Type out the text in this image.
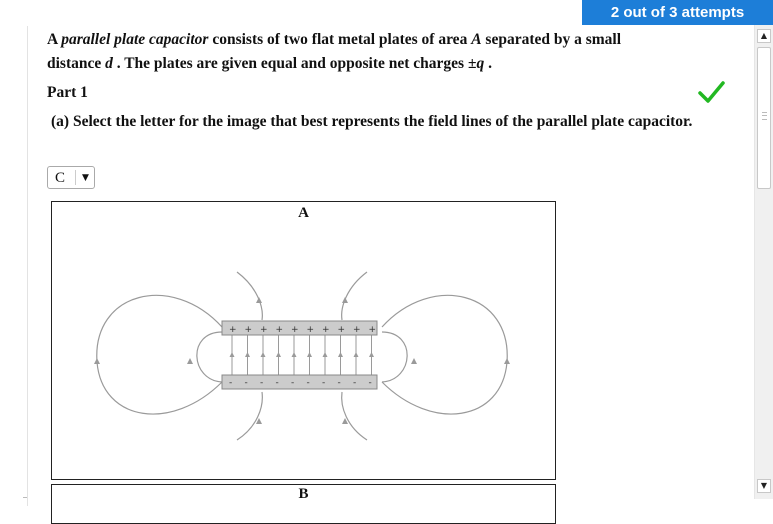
2 out of 3 attempts

A parallel plate capacitor consists of two flat metal plates of area A separated by a small
distance d . The plates are given equal and opposite net charges ±q .

Part 1
(a) Select the letter for the image that best represents the field lines of the parallel plate capacitor.
C ▼
A
+ + + + + + + + + +
- - - - - - - - - -
B
▲
▼
